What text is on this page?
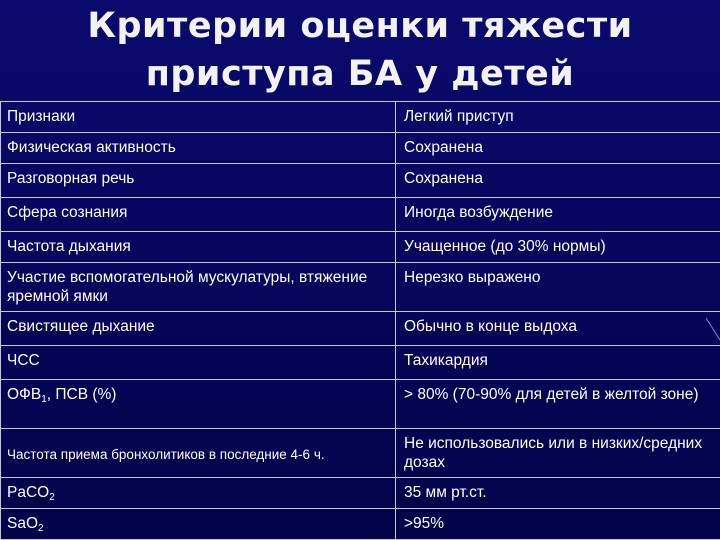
Критерии оценки тяжести
приступа БА у детей
Признаки	Легкий приступ
Физическая активность	Сохранена
Разговорная речь	Сохранена
Сфера сознания	Иногда возбуждение
Частота дыхания	Учащенное (до 30% нормы)
Участие вспомогательной мускулатуры, втяжение яремной ямки	Нерезко выражено
Свистящее дыхание	Обычно в конце выдоха
ЧСС	Тахикардия
$ОФВ_1$, ПСВ (%)	> 80% (70-90% для детей в желтой зоне)
Частота приема бронхолитиков в последние 4-6 ч.	Не использовались или в низких/средних дозах
PaCO$_2$	35 мм рт.ст.
SaO$_2$	>95%
